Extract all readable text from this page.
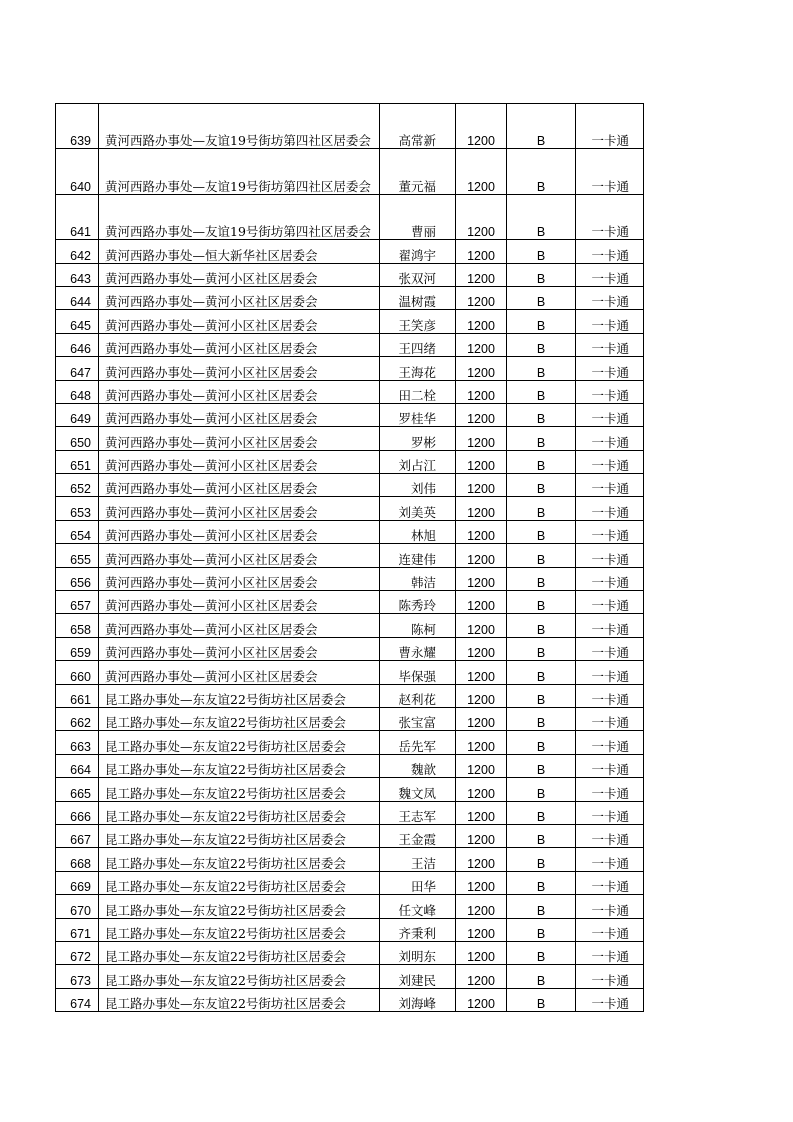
639	黄河西路办事处—友谊19号街坊第四社区居委会	高常新	1200	B	一卡通
640	黄河西路办事处—友谊19号街坊第四社区居委会	董元福	1200	B	一卡通
641	黄河西路办事处—友谊19号街坊第四社区居委会	曹丽	1200	B	一卡通
642	黄河西路办事处—恒大新华社区居委会	翟鸿宇	1200	B	一卡通
643	黄河西路办事处—黄河小区社区居委会	张双河	1200	B	一卡通
644	黄河西路办事处—黄河小区社区居委会	温树霞	1200	B	一卡通
645	黄河西路办事处—黄河小区社区居委会	王笑彦	1200	B	一卡通
646	黄河西路办事处—黄河小区社区居委会	王四绪	1200	B	一卡通
647	黄河西路办事处—黄河小区社区居委会	王海花	1200	B	一卡通
648	黄河西路办事处—黄河小区社区居委会	田二栓	1200	B	一卡通
649	黄河西路办事处—黄河小区社区居委会	罗桂华	1200	B	一卡通
650	黄河西路办事处—黄河小区社区居委会	罗彬	1200	B	一卡通
651	黄河西路办事处—黄河小区社区居委会	刘占江	1200	B	一卡通
652	黄河西路办事处—黄河小区社区居委会	刘伟	1200	B	一卡通
653	黄河西路办事处—黄河小区社区居委会	刘美英	1200	B	一卡通
654	黄河西路办事处—黄河小区社区居委会	林旭	1200	B	一卡通
655	黄河西路办事处—黄河小区社区居委会	连建伟	1200	B	一卡通
656	黄河西路办事处—黄河小区社区居委会	韩洁	1200	B	一卡通
657	黄河西路办事处—黄河小区社区居委会	陈秀玲	1200	B	一卡通
658	黄河西路办事处—黄河小区社区居委会	陈柯	1200	B	一卡通
659	黄河西路办事处—黄河小区社区居委会	曹永耀	1200	B	一卡通
660	黄河西路办事处—黄河小区社区居委会	毕保强	1200	B	一卡通
661	昆工路办事处—东友谊22号街坊社区居委会	赵利花	1200	B	一卡通
662	昆工路办事处—东友谊22号街坊社区居委会	张宝富	1200	B	一卡通
663	昆工路办事处—东友谊22号街坊社区居委会	岳先军	1200	B	一卡通
664	昆工路办事处—东友谊22号街坊社区居委会	魏歆	1200	B	一卡通
665	昆工路办事处—东友谊22号街坊社区居委会	魏文凤	1200	B	一卡通
666	昆工路办事处—东友谊22号街坊社区居委会	王志军	1200	B	一卡通
667	昆工路办事处—东友谊22号街坊社区居委会	王金霞	1200	B	一卡通
668	昆工路办事处—东友谊22号街坊社区居委会	王洁	1200	B	一卡通
669	昆工路办事处—东友谊22号街坊社区居委会	田华	1200	B	一卡通
670	昆工路办事处—东友谊22号街坊社区居委会	任文峰	1200	B	一卡通
671	昆工路办事处—东友谊22号街坊社区居委会	齐秉利	1200	B	一卡通
672	昆工路办事处—东友谊22号街坊社区居委会	刘明东	1200	B	一卡通
673	昆工路办事处—东友谊22号街坊社区居委会	刘建民	1200	B	一卡通
674	昆工路办事处—东友谊22号街坊社区居委会	刘海峰	1200	B	一卡通
